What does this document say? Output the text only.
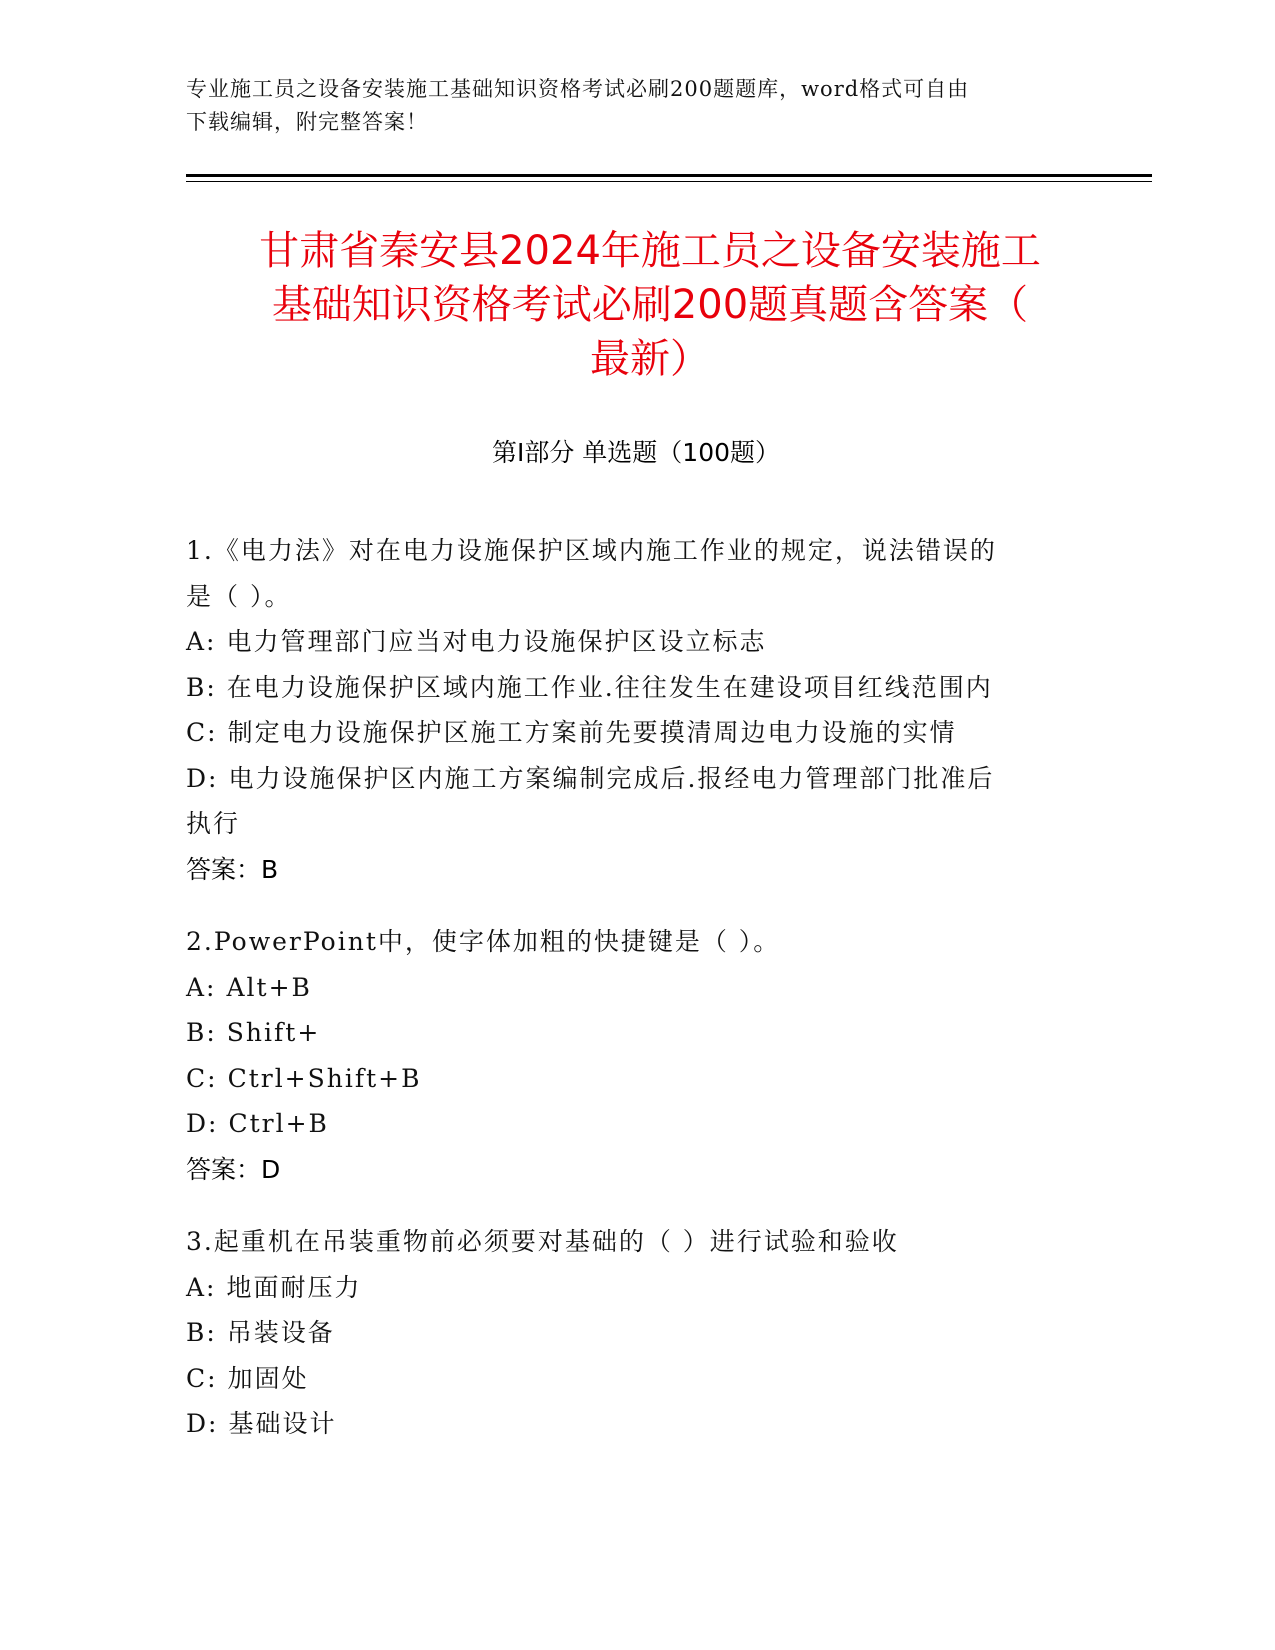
专业施工员之设备安装施工基础知识资格考试必刷200题题库，word格式可自由
下载编辑，附完整答案！
甘肃省秦安县2024年施工员之设备安装施工
基础知识资格考试必刷200题真题含答案（
最新）
第Ⅰ部分 单选题（100题）
1.《电力法》对在电力设施保护区域内施工作业的规定，说法错误的
是（ ）。
A: 电力管理部门应当对电力设施保护区设立标志
B: 在电力设施保护区域内施工作业.往往发生在建设项目红线范围内
C: 制定电力设施保护区施工方案前先要摸清周边电力设施的实情
D: 电力设施保护区内施工方案编制完成后.报经电力管理部门批准后
执行
答案：B
2.PowerPoint中，使字体加粗的快捷键是（ ）。
A: Alt+B
B: Shift+
C: Ctrl+Shift+B
D: Ctrl+B
答案：D
3.起重机在吊装重物前必须要对基础的（ ）进行试验和验收
A: 地面耐压力
B: 吊装设备
C: 加固处
D: 基础设计
